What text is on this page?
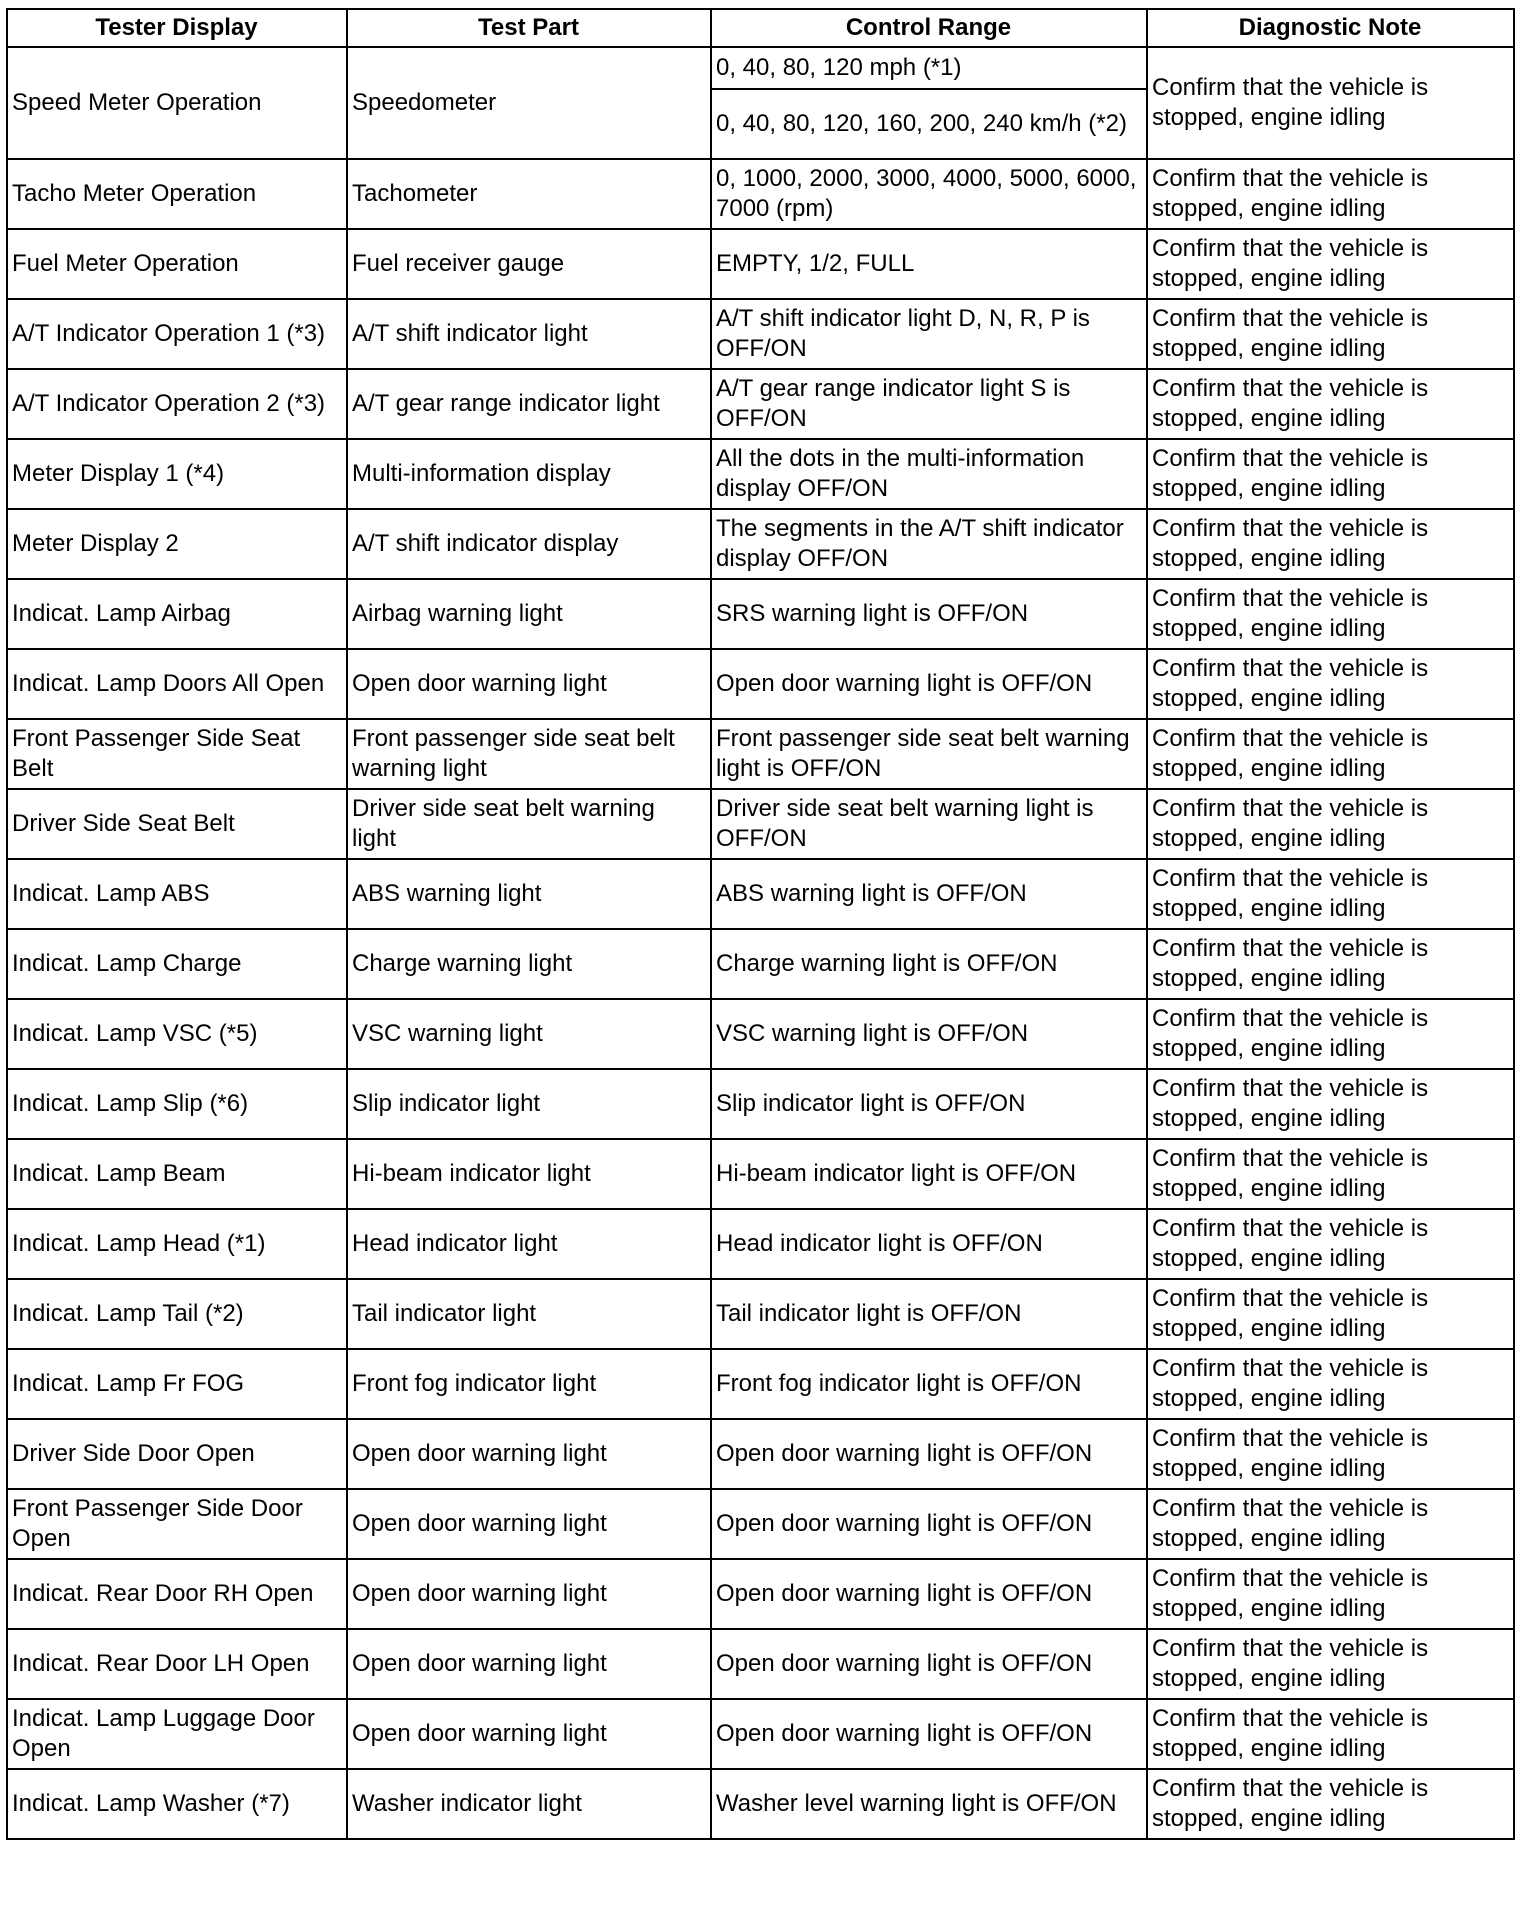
Tester Display	Test Part	Control Range	Diagnostic Note
Speed Meter Operation	Speedometer	0, 40, 80, 120 mph (*1)	Confirm that the vehicle is stopped, engine idling
		0, 40, 80, 120, 160, 200, 240 km/h (*2)	
Tacho Meter Operation	Tachometer	0, 1000, 2000, 3000, 4000, 5000, 6000, 7000 (rpm)	Confirm that the vehicle is stopped, engine idling
Fuel Meter Operation	Fuel receiver gauge	EMPTY, 1/2, FULL	Confirm that the vehicle is stopped, engine idling
A/T Indicator Operation 1 (*3)	A/T shift indicator light	A/T shift indicator light D, N, R, P is OFF/ON	Confirm that the vehicle is stopped, engine idling
A/T Indicator Operation 2 (*3)	A/T gear range indicator light	A/T gear range indicator light S is OFF/ON	Confirm that the vehicle is stopped, engine idling
Meter Display 1 (*4)	Multi-information display	All the dots in the multi-information display OFF/ON	Confirm that the vehicle is stopped, engine idling
Meter Display 2	A/T shift indicator display	The segments in the A/T shift indicator display OFF/ON	Confirm that the vehicle is stopped, engine idling
Indicat. Lamp Airbag	Airbag warning light	SRS warning light is OFF/ON	Confirm that the vehicle is stopped, engine idling
Indicat. Lamp Doors All Open	Open door warning light	Open door warning light is OFF/ON	Confirm that the vehicle is stopped, engine idling
Front Passenger Side Seat Belt	Front passenger side seat belt warning light	Front passenger side seat belt warning light is OFF/ON	Confirm that the vehicle is stopped, engine idling
Driver Side Seat Belt	Driver side seat belt warning light	Driver side seat belt warning light is OFF/ON	Confirm that the vehicle is stopped, engine idling
Indicat. Lamp ABS	ABS warning light	ABS warning light is OFF/ON	Confirm that the vehicle is stopped, engine idling
Indicat. Lamp Charge	Charge warning light	Charge warning light is OFF/ON	Confirm that the vehicle is stopped, engine idling
Indicat. Lamp VSC (*5)	VSC warning light	VSC warning light is OFF/ON	Confirm that the vehicle is stopped, engine idling
Indicat. Lamp Slip (*6)	Slip indicator light	Slip indicator light is OFF/ON	Confirm that the vehicle is stopped, engine idling
Indicat. Lamp Beam	Hi-beam indicator light	Hi-beam indicator light is OFF/ON	Confirm that the vehicle is stopped, engine idling
Indicat. Lamp Head (*1)	Head indicator light	Head indicator light is OFF/ON	Confirm that the vehicle is stopped, engine idling
Indicat. Lamp Tail (*2)	Tail indicator light	Tail indicator light is OFF/ON	Confirm that the vehicle is stopped, engine idling
Indicat. Lamp Fr FOG	Front fog indicator light	Front fog indicator light is OFF/ON	Confirm that the vehicle is stopped, engine idling
Driver Side Door Open	Open door warning light	Open door warning light is OFF/ON	Confirm that the vehicle is stopped, engine idling
Front Passenger Side Door Open	Open door warning light	Open door warning light is OFF/ON	Confirm that the vehicle is stopped, engine idling
Indicat. Rear Door RH Open	Open door warning light	Open door warning light is OFF/ON	Confirm that the vehicle is stopped, engine idling
Indicat. Rear Door LH Open	Open door warning light	Open door warning light is OFF/ON	Confirm that the vehicle is stopped, engine idling
Indicat. Lamp Luggage Door Open	Open door warning light	Open door warning light is OFF/ON	Confirm that the vehicle is stopped, engine idling
Indicat. Lamp Washer (*7)	Washer indicator light	Washer level warning light is OFF/ON	Confirm that the vehicle is stopped, engine idling
